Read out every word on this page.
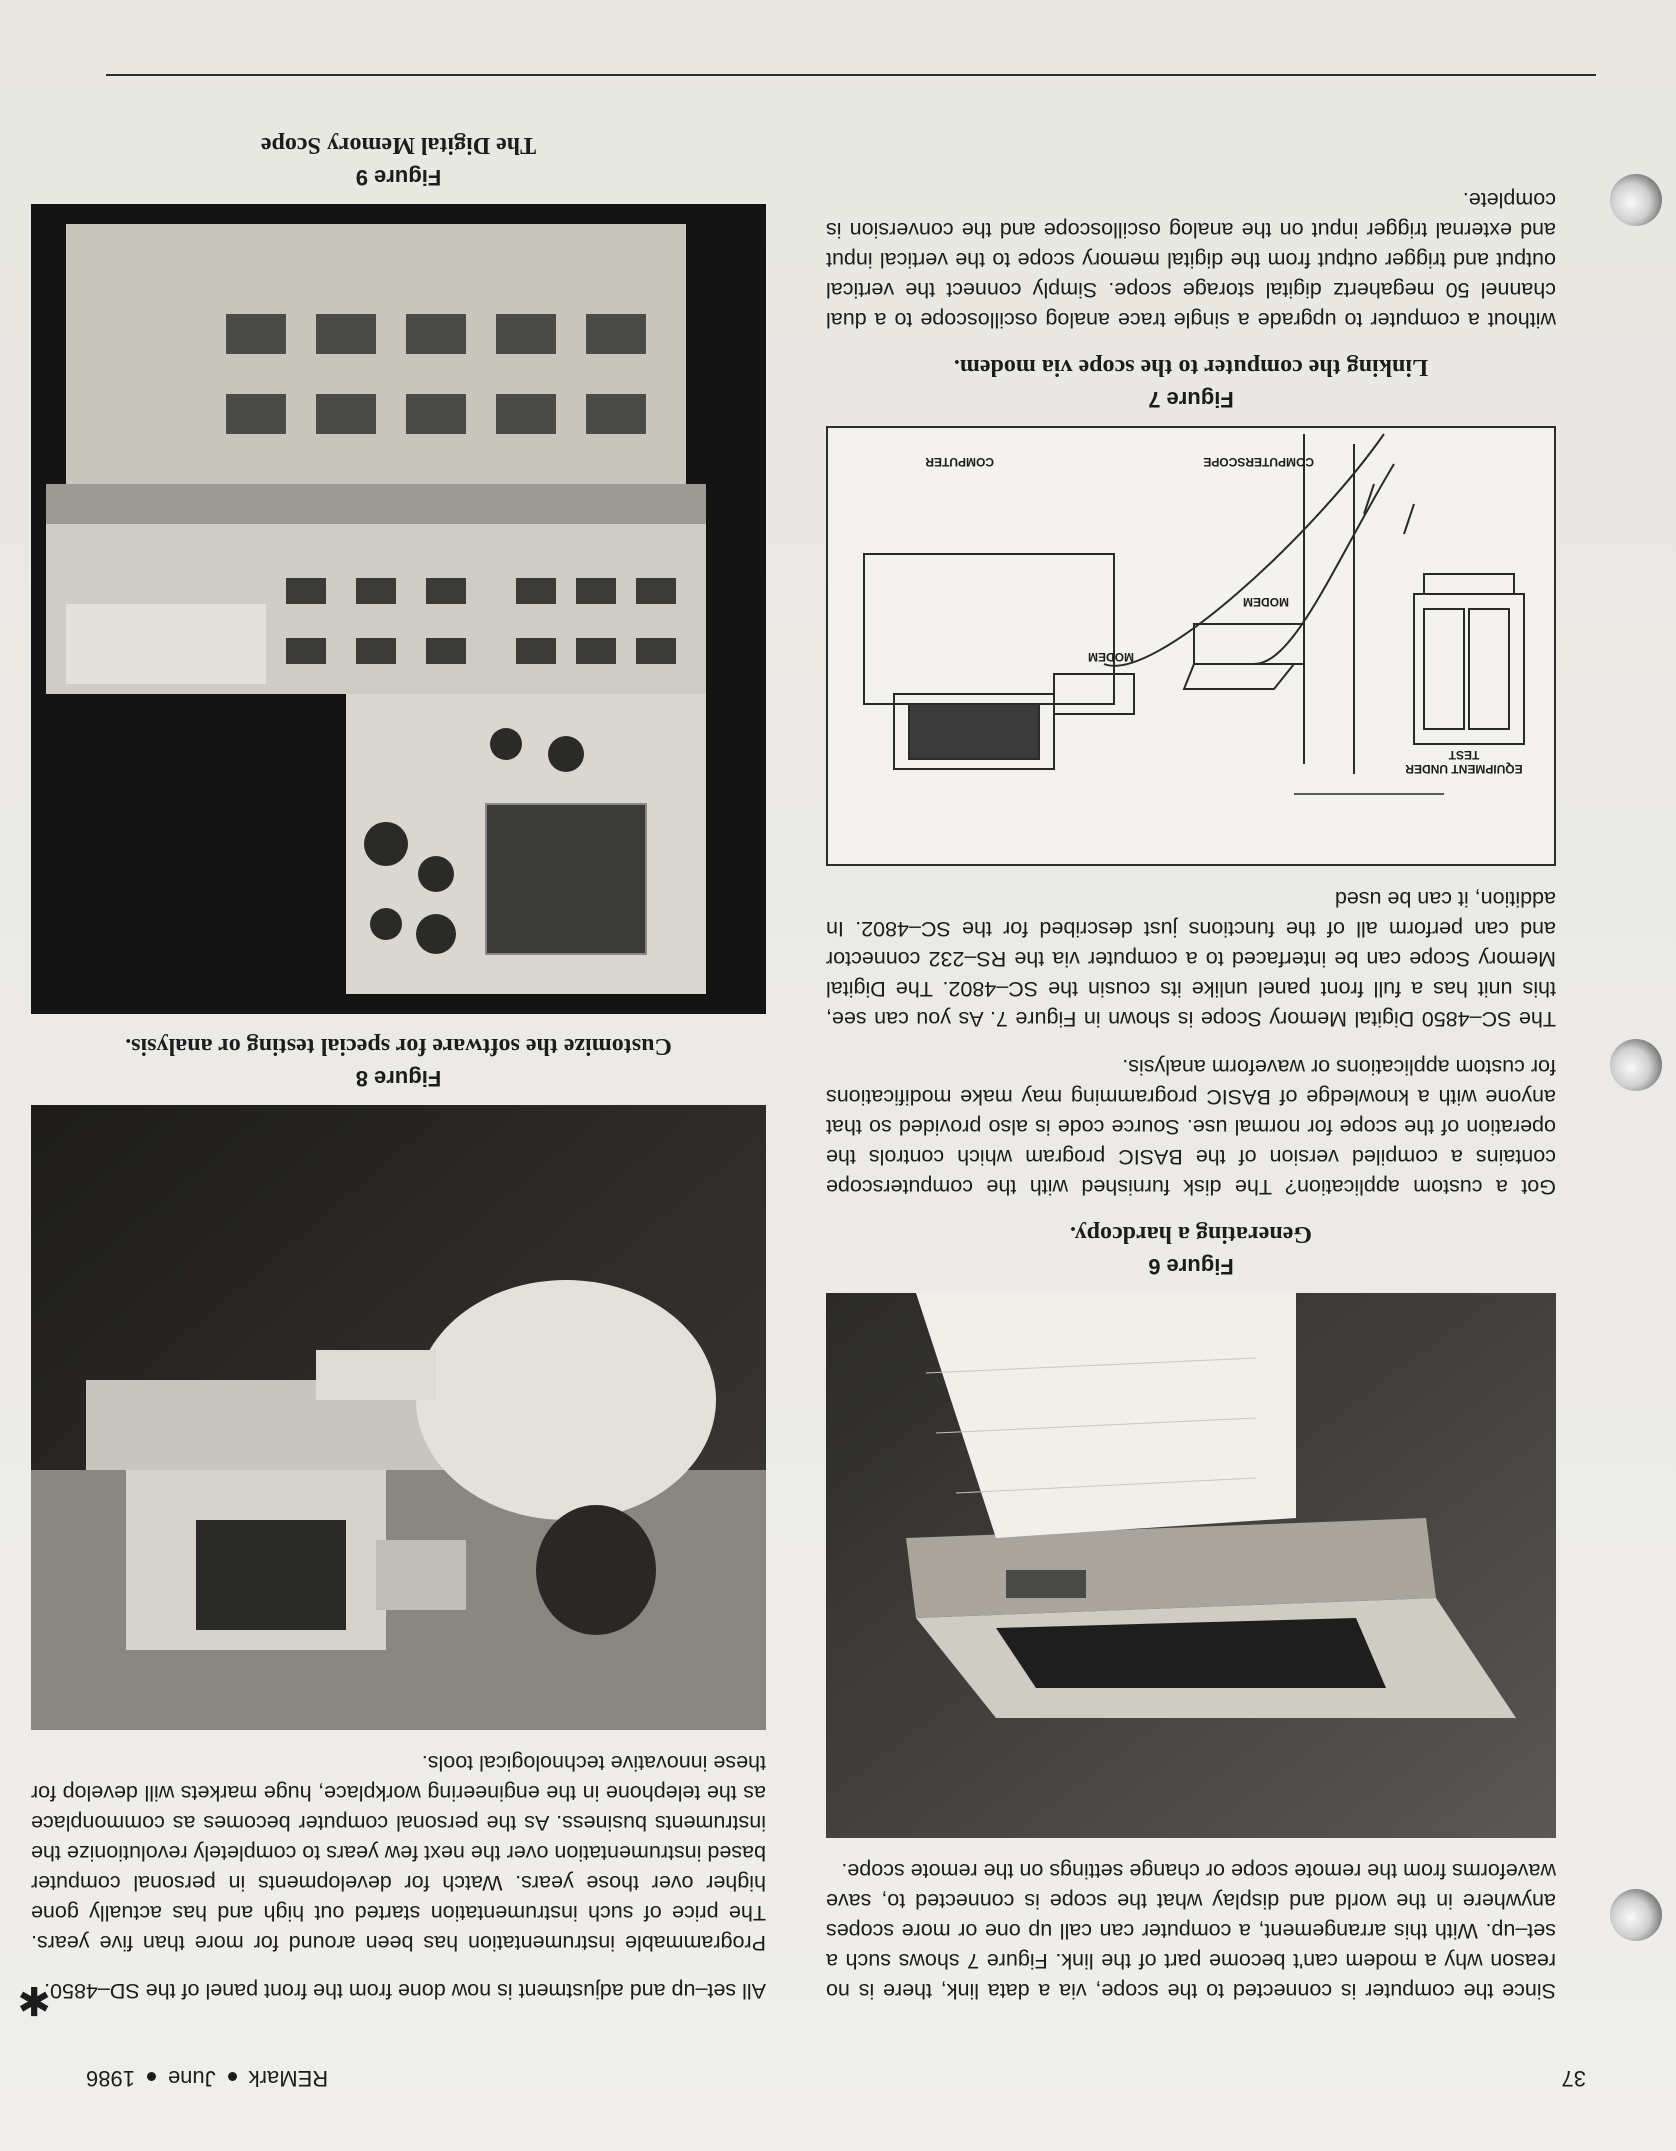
37
REMarkJune1986

Since the computer is connected to the scope, via a data link, there is no reason why a modem can't become part of the link. Figure 7 shows such a set–up. With this arrangement, a computer can call up one or more scopes anywhere in the world and display what the scope is connected to, save waveforms from the remote scope or change settings on the remote scope.

Figure 6
Generating a hardcopy.

Got a custom application? The disk furnished with the computerscope contains a compiled version of the BASIC program which controls the operation of the scope for normal use. Source code is also provided so that anyone with a knowledge of BASIC programming may make modifications for custom applications or waveform analysis.

The SC–4850 Digital Memory Scope is shown in Figure 7. As you can see, this unit has a full front panel unlike its cousin the SC–4802. The Digital Memory Scope can be interfaced to a computer via the RS–232 connector and can perform all of the functions just described for the SC–4802. In addition, it can be used

EQUIPMENT UNDER TEST
MODEM
MODEM
COMPUTERSCOPE
COMPUTER
Figure 7
Linking the computer to the scope via modem.

without a computer to upgrade a single trace analog oscilloscope to a dual channel 50 megahertz digital storage scope. Simply connect the vertical output and trigger output from the digital memory scope to the vertical input and external trigger input on the analog oscilloscope and the conversion is complete.

All set–up and adjustment is now done from the front panel of the SD–4850.

Programmable instrumentation has been around for more than five years. The price of such instrumentation started out high and has actually gone higher over those years. Watch for developments in personal computer based instrumentation over the next few years to completely revolutionize the instruments business. As the personal computer becomes as commonplace as the telephone in the engineering workplace, huge markets will develop for these innovative technological tools.

Figure 8
Customize the software for special testing or analysis.
Figure 9
The Digital Memory Scope
✱
